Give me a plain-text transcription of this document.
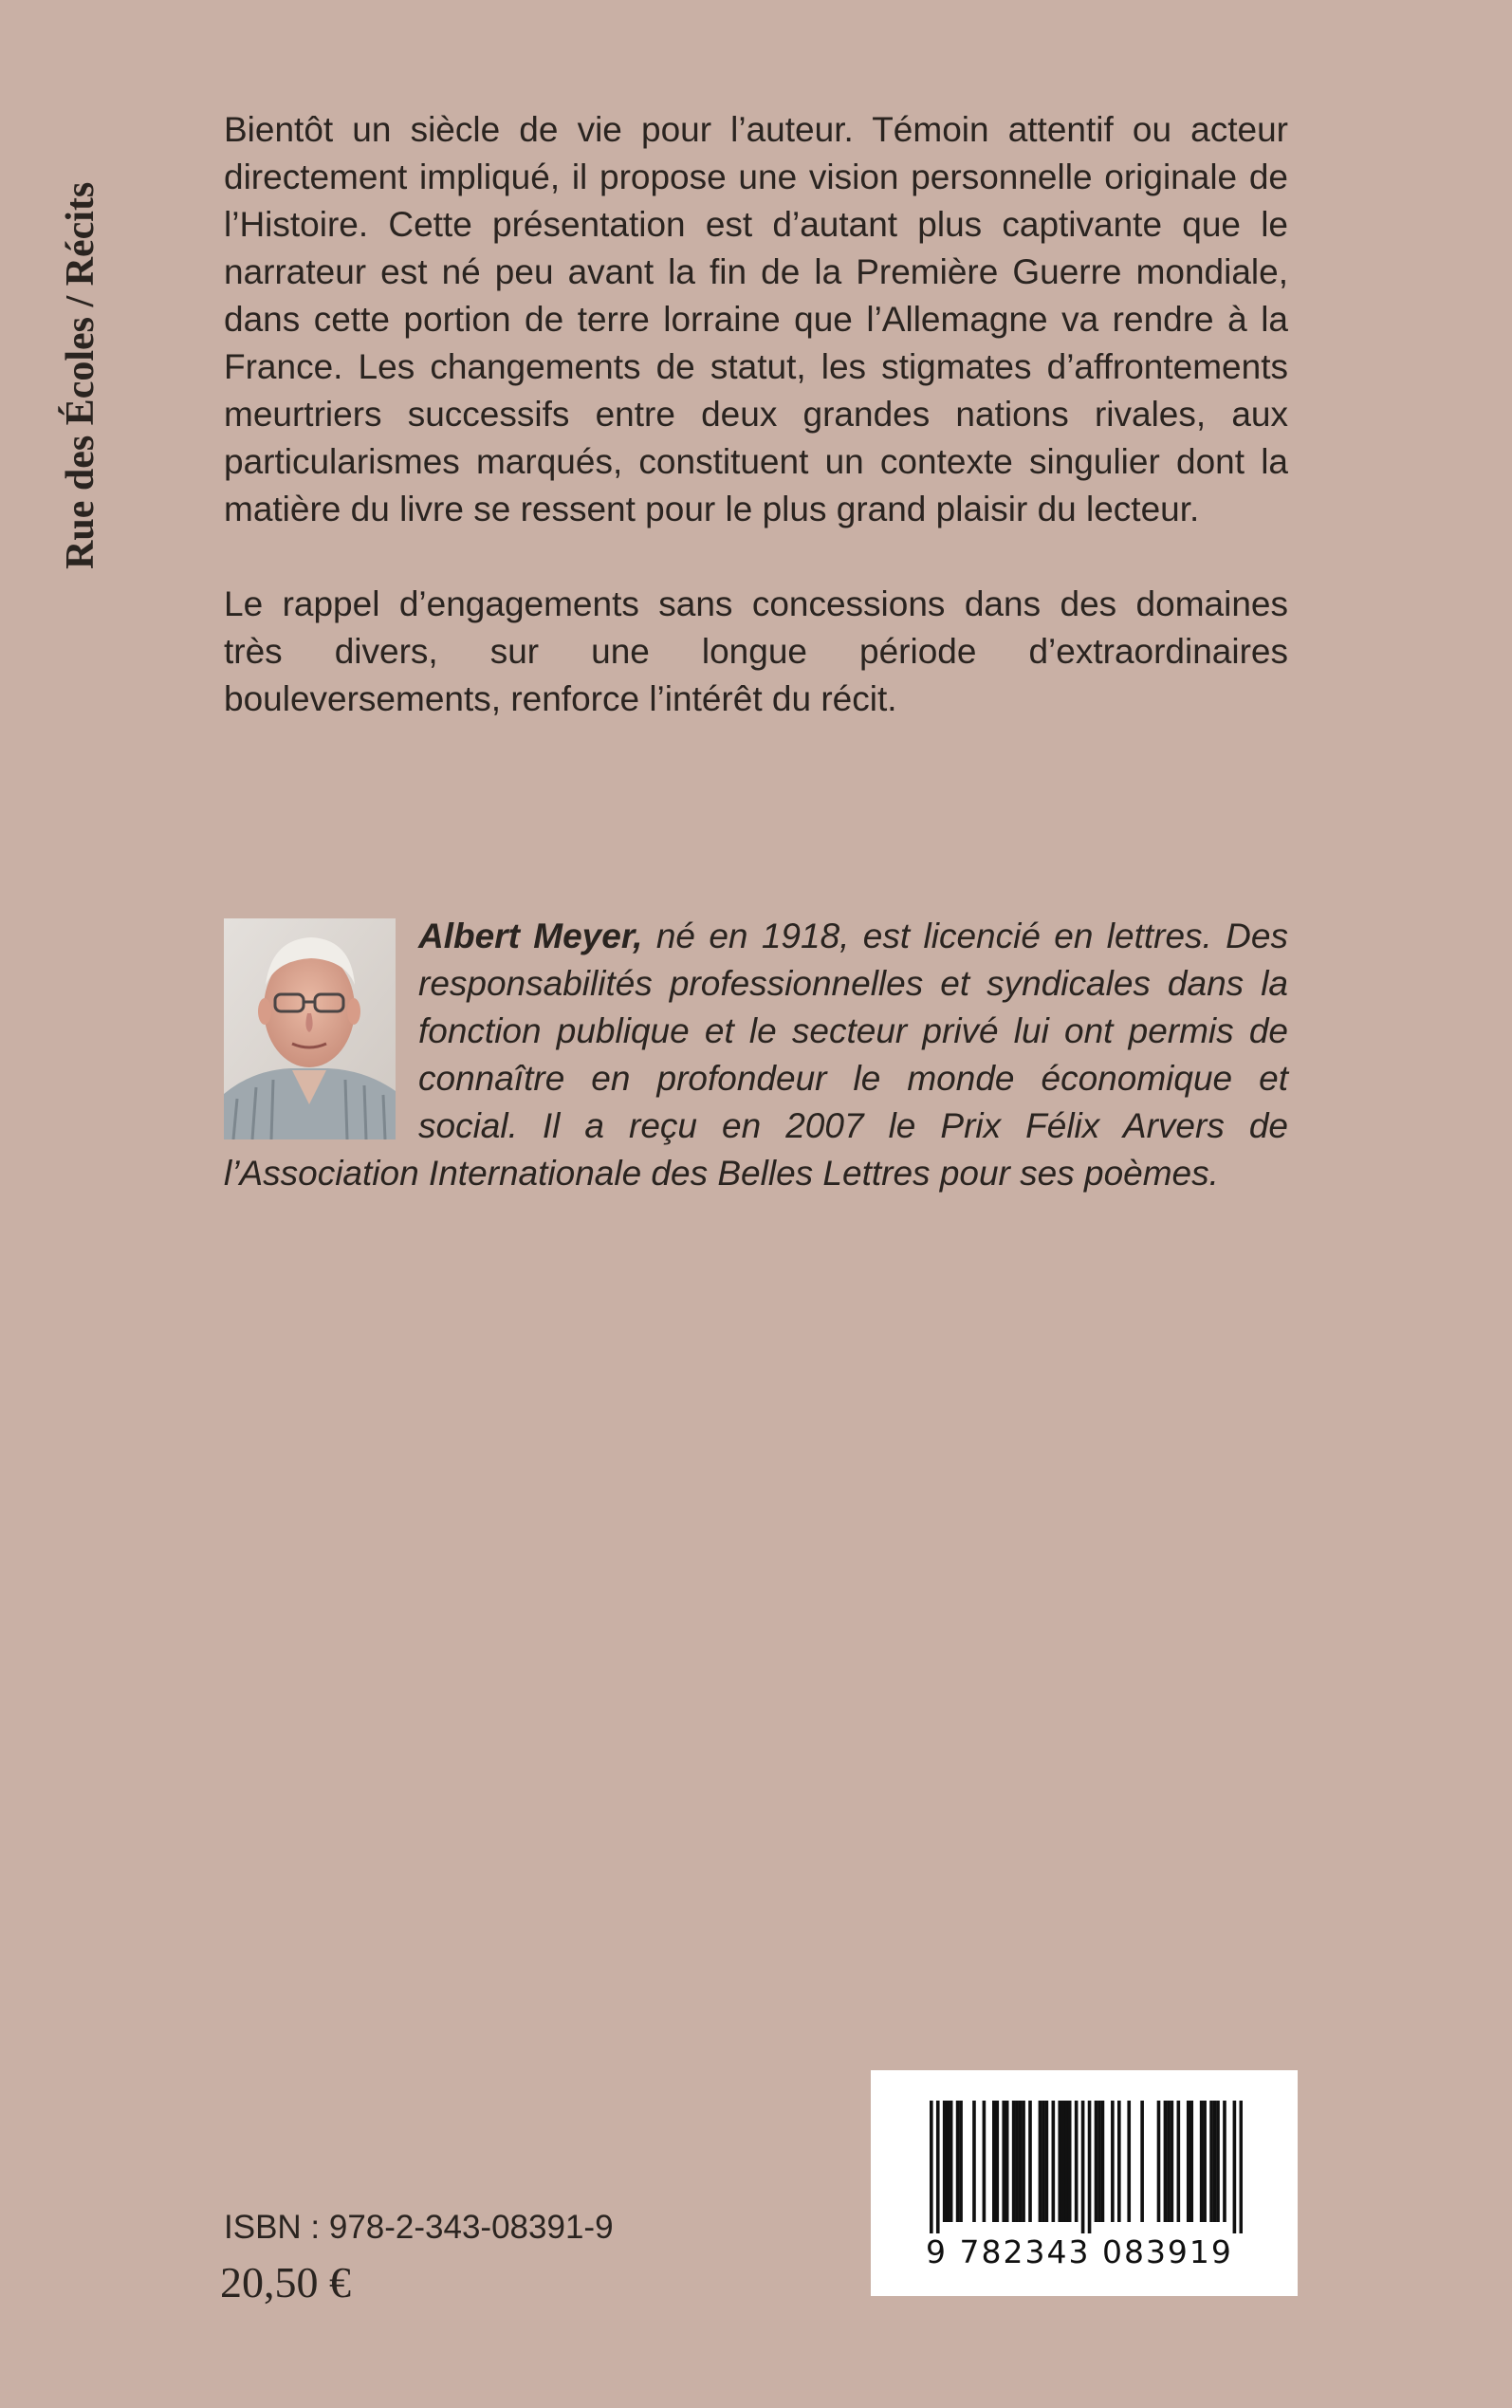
Rue des Écoles / Récits

Bientôt un siècle de vie pour l’auteur. Témoin attentif ou acteur directement impliqué, il propose une vision personnelle originale de l’Histoire. Cette présentation est d’autant plus captivante que le narrateur est né peu avant la fin de la Première Guerre mondiale, dans cette portion de terre lorraine que l’Allemagne va rendre à la France. Les changements de statut, les stigmates d’affrontements meurtriers successifs entre deux grandes nations rivales, aux particularismes marqués, constituent un contexte singulier dont la matière du livre se ressent pour le plus grand plaisir du lecteur.

Le rappel d’engagements sans concessions dans des domaines très divers, sur une longue période d’extraordinaires bouleversements, renforce l’intérêt du récit.

Albert Meyer, né en 1918, est licencié en lettres. Des responsabilités professionnelles et syndicales dans la fonction publique et le secteur privé lui ont permis de connaître en profondeur le monde économique et social. Il a reçu en 2007 le Prix Félix Arvers de l’Association Internationale des Belles Lettres pour ses poèmes.
ISBN : 978-2-343-08391-9
20,50 €
9 782343 083919
